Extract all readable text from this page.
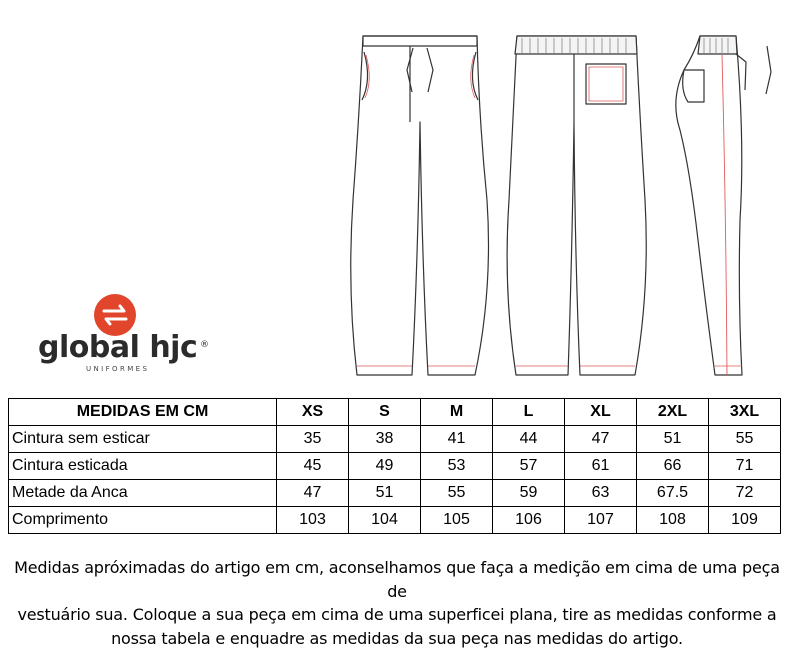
global hjc ®
UNIFORMES
MEDIDAS EM CM	XS	S	M	L	XL	2XL	3XL
Cintura sem esticar	35	38	41	44	47	51	55
Cintura esticada	45	49	53	57	61	66	71
Metade da Anca	47	51	55	59	63	67.5	72
Comprimento	103	104	105	106	107	108	109
Medidas apróximadas do artigo em cm, aconselhamos que faça a medição em cima de uma peça de
vestuário sua. Coloque a sua peça em cima de uma superficei plana, tire as medidas conforme a
nossa tabela e enquadre as medidas da sua peça nas medidas do artigo.
